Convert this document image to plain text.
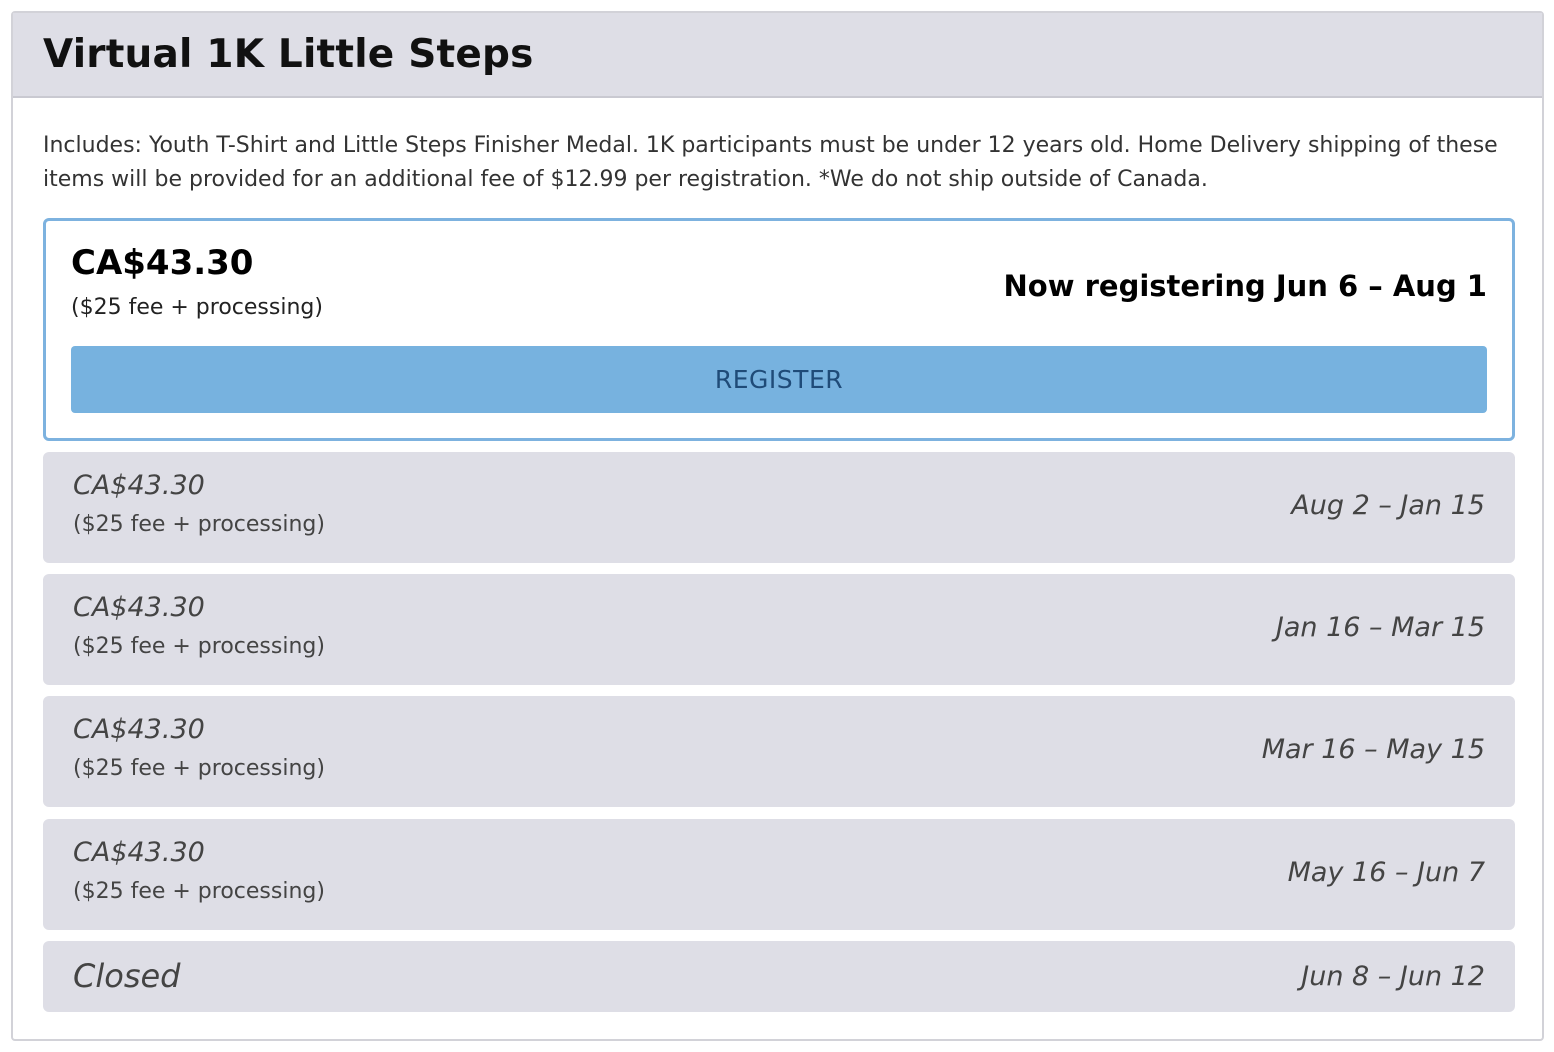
Virtual 1K Little Steps
Includes: Youth T-Shirt and Little Steps Finisher Medal. 1K participants must be under 12 years old. Home Delivery shipping of these items will be provided for an additional fee of $12.99 per registration. *We do not ship outside of Canada.
CA$43.30
($25 fee + processing)
Now registering Jun 6 – Aug 1
REGISTER
CA$43.30
($25 fee + processing)
Aug 2 – Jan 15
CA$43.30
($25 fee + processing)
Jan 16 – Mar 15
CA$43.30
($25 fee + processing)
Mar 16 – May 15
CA$43.30
($25 fee + processing)
May 16 – Jun 7
Closed	Jun 8 – Jun 12
